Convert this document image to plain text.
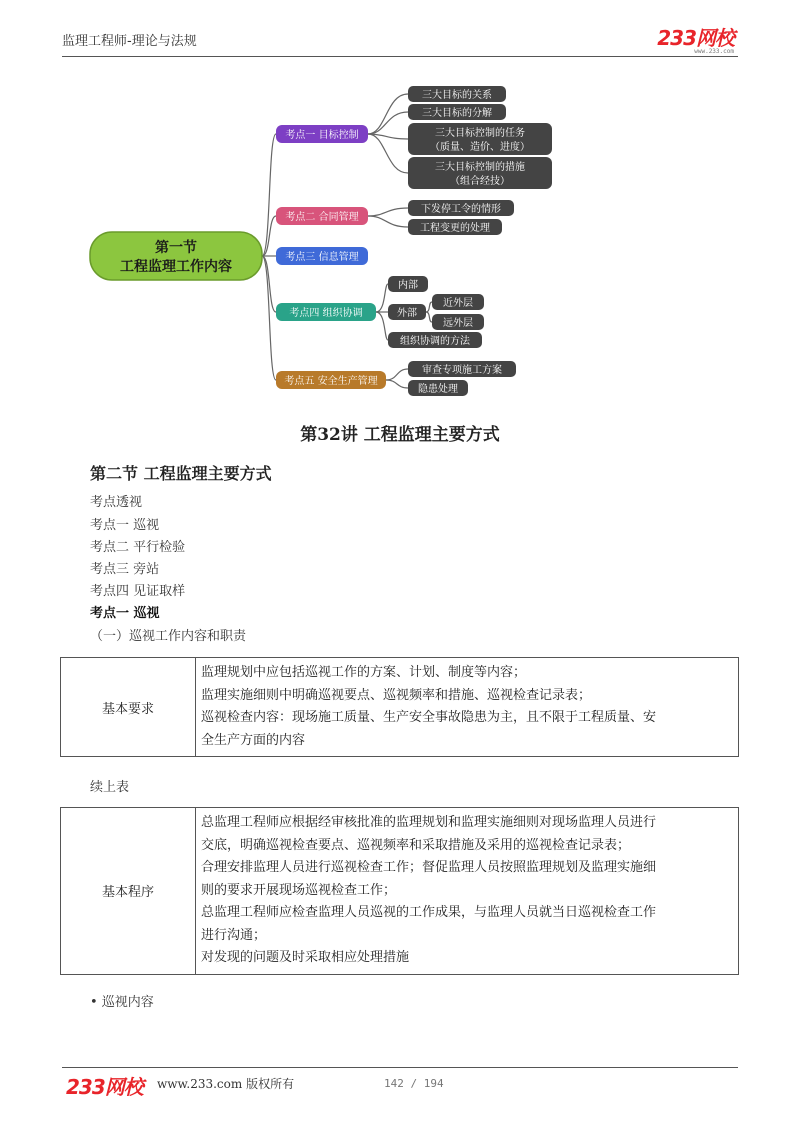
监理工程师-理论与法规	233网校
www.233.com
第一节
工程监理工作内容
考点一 目标控制
考点二 合同管理
考点三 信息管理
考点四 组织协调
考点五 安全生产管理
三大目标的关系
三大目标的分解
三大目标控制的任务
（质量、造价、进度）
三大目标控制的措施
（组合经技）
下发停工令的情形
工程变更的处理
内部
外部
近外层
远外层
组织协调的方法
审查专项施工方案
隐患处理
第32讲 工程监理主要方式
第二节 工程监理主要方式
考点透视
考点一 巡视
考点二 平行检验
考点三 旁站
考点四 见证取样
考点一 巡视
（一）巡视工作内容和职责
基本要求	
监理规划中应包括巡视工作的方案、计划、制度等内容；
监理实施细则中明确巡视要点、巡视频率和措施、巡视检查记录表；
巡视检查内容：现场施工质量、生产安全事故隐患为主，且不限于工程质量、安
全生产方面的内容
续上表
基本程序	
总监理工程师应根据经审核批准的监理规划和监理实施细则对现场监理人员进行
交底，明确巡视检查要点、巡视频率和采取措施及采用的巡视检查记录表；
合理安排监理人员进行巡视检查工作；督促监理人员按照监理规划及监理实施细
则的要求开展现场巡视检查工作；
总监理工程师应检查监理人员巡视的工作成果，与监理人员就当日巡视检查工作
进行沟通；
对发现的问题及时采取相应处理措施
• 巡视内容
233网校 www.233.com 版权所有	142 / 194
